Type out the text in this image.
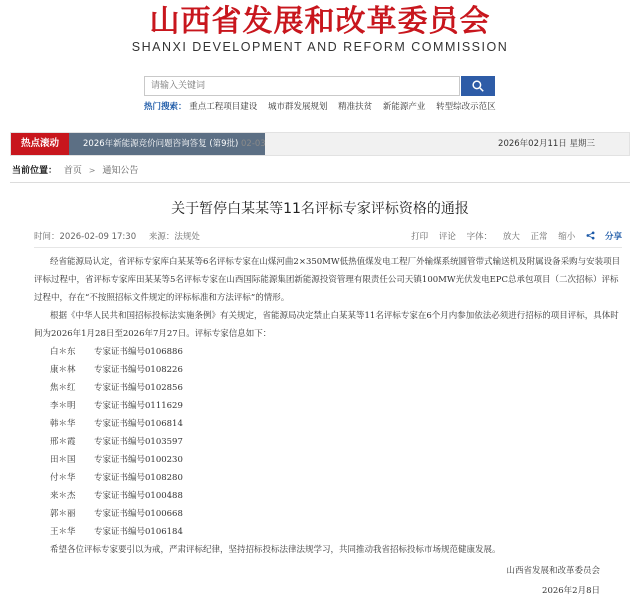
山西省发展和改革委员会
SHANXI DEVELOPMENT AND REFORM COMMISSION
请输入关键词
热门搜索： 重点工程项目建设 城市群发展规划 精准扶贫 新能源产业 转型综改示范区
热点滚动	2026年新能源竞价问题咨询答复 (第9批) 02-03	2026年02月11日 星期三
当前位置： 首页 > 通知公告
关于暂停白某某等11名评标专家评标资格的通报
时间：2026-02-09 17:30 来源：法规处	打印 评论 字体： 放大 正常 缩小	分享

经省能源局认定，省评标专家库白某某等6名评标专家在山煤河曲2×350MW低热值煤发电工程厂外输煤系统圆管带式输送机及附属设备采购与安装项目评标过程中，省评标专家库田某某等5名评标专家在山西国际能源集团新能源投资管理有限责任公司天镇100MW光伏发电EPC总承包项目（二次招标）评标过程中，存在“不按照招标文件规定的评标标准和方法评标”的情形。

根据《中华人民共和国招标投标法实施条例》有关规定，省能源局决定禁止白某某等11名评标专家在6个月内参加依法必须进行招标的项目评标，具体时间为2026年1月28日至2026年7月27日。评标专家信息如下：

白＊东 专家证书编号0106886
康＊林 专家证书编号0108226
焦＊红 专家证书编号0102856
李＊明 专家证书编号0111629
韩＊华 专家证书编号0106814
邢＊霞 专家证书编号0103597
田＊国 专家证书编号0100230
付＊华 专家证书编号0108280
来＊杰 专家证书编号0100488
郭＊丽 专家证书编号0100668
王＊华 专家证书编号0106184

希望各位评标专家要引以为戒，严肃评标纪律，坚持招标投标法律法规学习，共同推动我省招标投标市场规范健康发展。

山西省发展和改革委员会
2026年2月8日
